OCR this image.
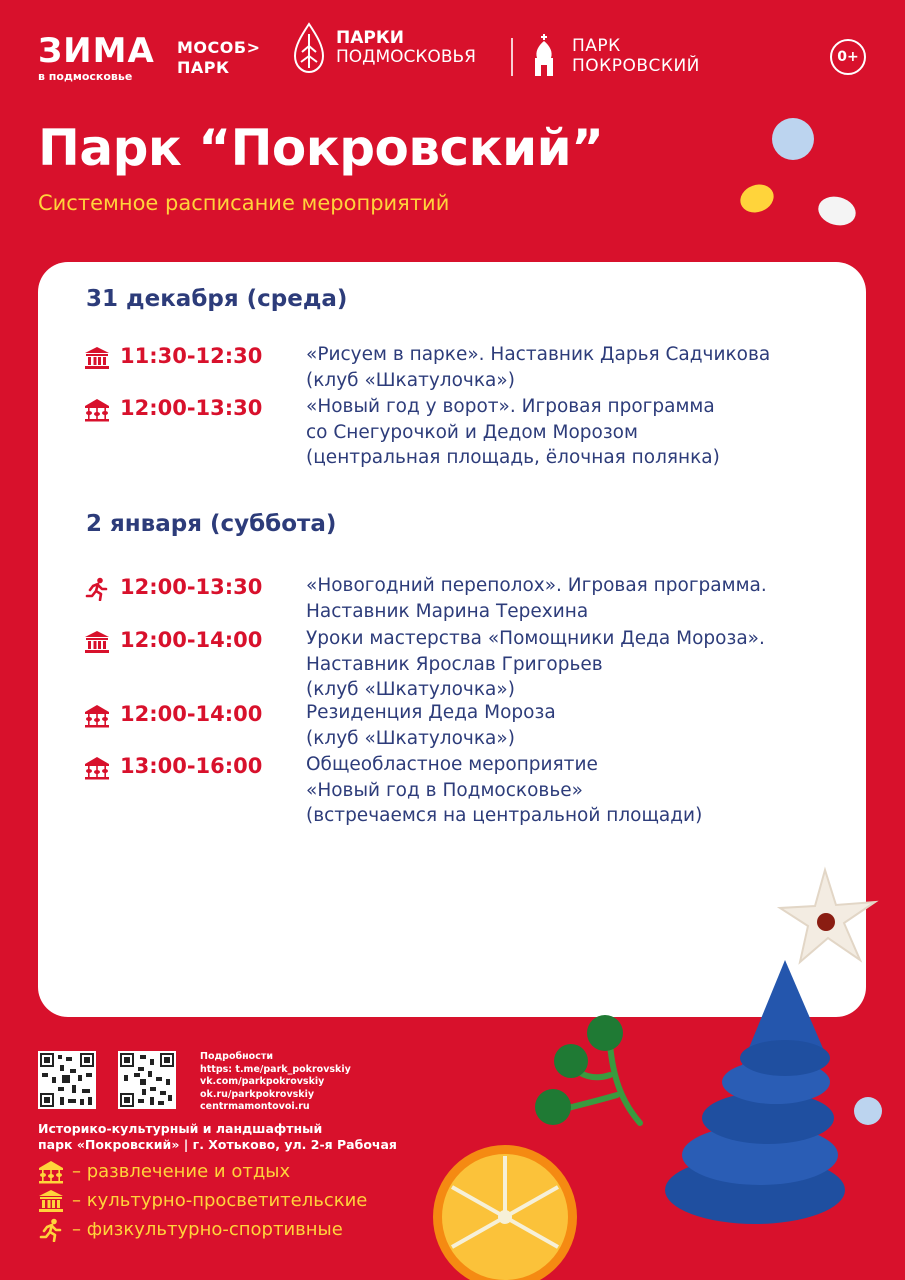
ЗИМА
в подмосковье
МОСОБ>
ПАРК
ПАРКИ
ПОДМОСКОВЬЯ
ПАРК
ПОКРОВСКИЙ	0+
Парк “Покровский”
Системное расписание мероприятий
31 декабря (среда)
11:30-12:30 «Рисуем в парке». Наставник Дарья Садчикова
(клуб «Шкатулочка»)
12:00-13:30 «Новый год у ворот». Игровая программа
со Снегурочкой и Дедом Морозом
(центральная площадь, ёлочная полянка)
2 января (суббота)
12:00-13:30 «Новогодний переполох». Игровая программа.
Наставник Марина Терехина
12:00-14:00 Уроки мастерства «Помощники Деда Мороза».
Наставник Ярослав Григорьев
(клуб «Шкатулочка»)
12:00-14:00 Резиденция Деда Мороза
(клуб «Шкатулочка»)
13:00-16:00 Общеобластное мероприятие
«Новый год в Подмосковье»
(встречаемся на центральной площади)
Подробности
https: t.me/park_pokrovskiy
vk.com/parkpokrovskiy
ok.ru/parkpokrovskiy
centrmamontovoi.ru
Историко-культурный и ландшафтный
парк «Покровский» | г. Хотьково, ул. 2-я Рабочая
– развлечение и отдых
– культурно-просветительские
– физкультурно-спортивные
